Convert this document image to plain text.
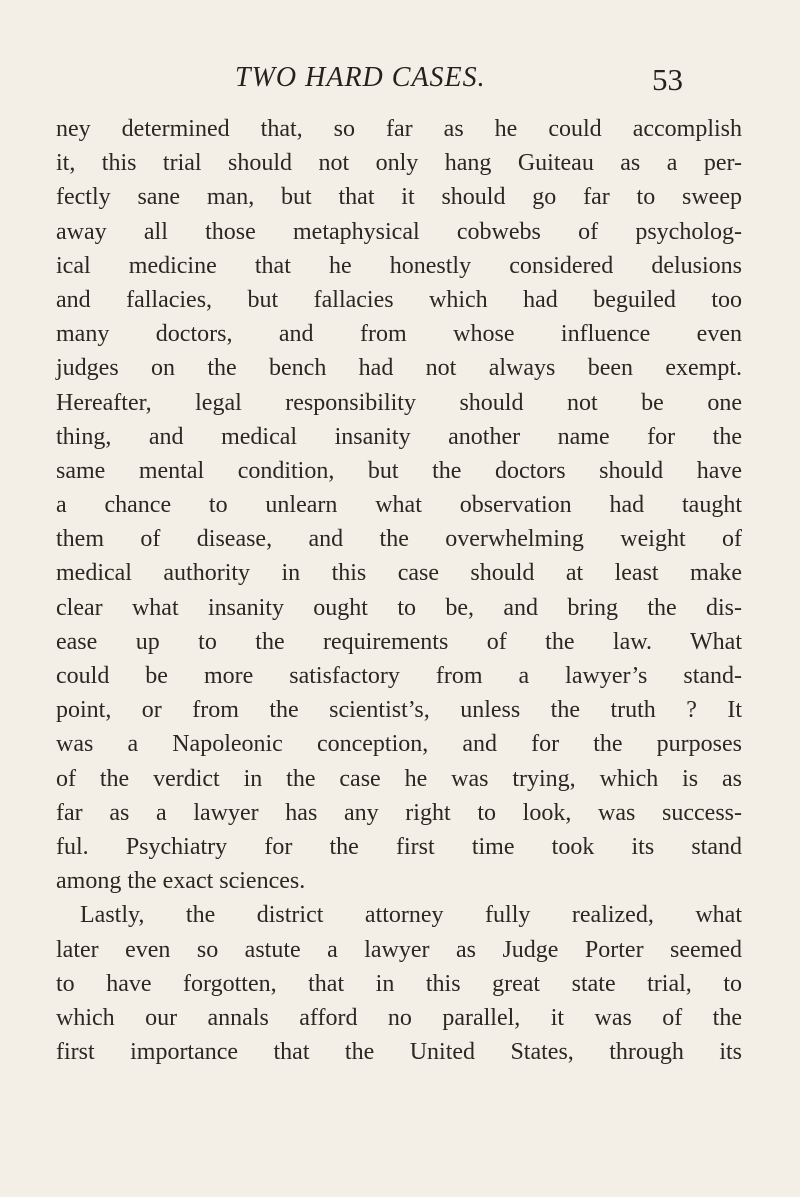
TWO HARD CASES.	53
ney determined that, so far as he could accomplish
it, this trial should not only hang Guiteau as a per-
fectly sane man, but that it should go far to sweep
away all those metaphysical cobwebs of psycholog-
ical medicine that he honestly considered delusions
and fallacies, but fallacies which had beguiled too
many doctors, and from whose influence even
judges on the bench had not always been exempt.
Hereafter, legal responsibility should not be one
thing, and medical insanity another name for the
same mental condition, but the doctors should have
a chance to unlearn what observation had taught
them of disease, and the overwhelming weight of
medical authority in this case should at least make
clear what insanity ought to be, and bring the dis-
ease up to the requirements of the law. What
could be more satisfactory from a lawyer’s stand-
point, or from the scientist’s, unless the truth ? It
was a Napoleonic conception, and for the purposes
of the verdict in the case he was trying, which is as
far as a lawyer has any right to look, was success-
ful. Psychiatry for the first time took its stand
among the exact sciences.
Lastly, the district attorney fully realized, what
later even so astute a lawyer as Judge Porter seemed
to have forgotten, that in this great state trial, to
which our annals afford no parallel, it was of the
first importance that the United States, through its
